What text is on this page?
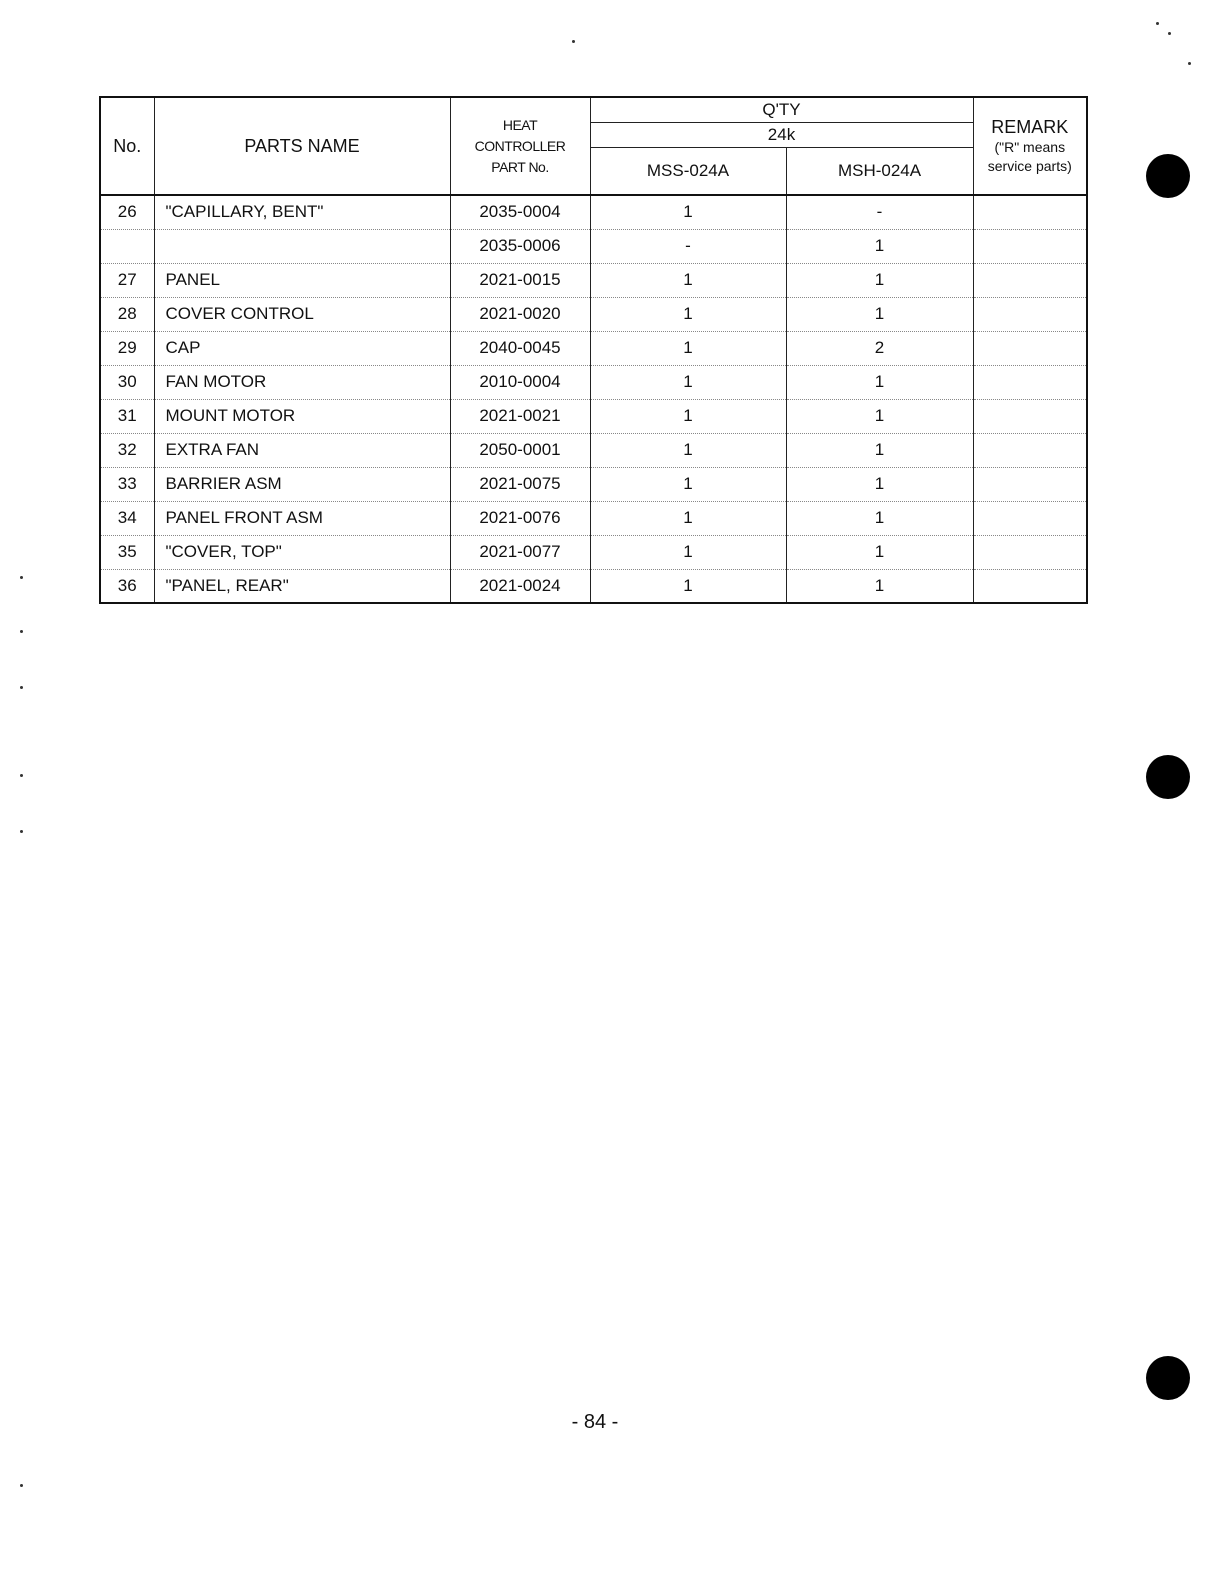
No.	PARTS NAME	HEAT
CONTROLLER
PART No.	Q'TY		REMARK
("R" means
service parts)

			24k		
			MSS-024A	MSH-024A	
26	"CAPILLARY, BENT"	2035-0004	1	-	
		2035-0006	-	1	
27	PANEL	2021-0015	1	1	
28	COVER CONTROL	2021-0020	1	1	
29	CAP	2040-0045	1	2	
30	FAN MOTOR	2010-0004	1	1	
31	MOUNT MOTOR	2021-0021	1	1	
32	EXTRA FAN	2050-0001	1	1	
33	BARRIER ASM	2021-0075	1	1	
34	PANEL FRONT ASM	2021-0076	1	1	
35	"COVER, TOP"	2021-0077	1	1	
36	"PANEL, REAR"	2021-0024	1	1	
- 84 -
